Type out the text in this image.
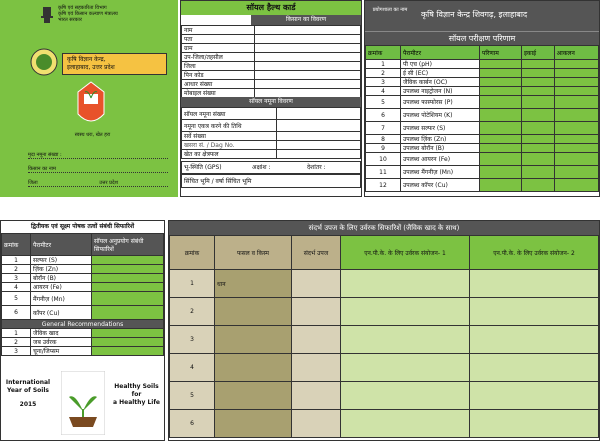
कृषि एवं सहकारिता विभाग
कृषि एवं किसान कल्याण मंत्रालय
भारत सरकार
कृषि विज्ञान केन्द्र,
इलाहाबाद, उत्तर प्रदेश
स्वस्थ धरा, खेत हरा
मृदा नमूना संख्या :
किसान का नाम
जिला	उत्तर प्रदेश
सॉयल हैल्थ कार्ड
किसान का विवरण
नाम	
पता	
ग्राम	
उप-जिला/तहसील	
जिला	
पिन कोड	
आधार संख्या	
मोबाइल संख्या	
सॉयल नमूना विवरण
सॉयल नमूना संख्या	
नमूना एकत्र करने की तिथि	
सर्वे संख्या	
खसरा सं. / Dag No.	
खेत का क्षेत्रफल	
भू-स्थिति (GPS)	अक्षांश :	देशांतर :
सिंचित भूमि / वर्षा सिंचित भूमि
प्रयोगशाला का नाम	कृषि विज्ञान केन्द्र शिवगढ़, इलाहाबाद
सॉयल परीक्षण परिणाम
क्रमांक	पैरामीटर	परिणाम	इकाई	आकलन
1	पी एच (pH)			
2	ई सी (EC)			
3	जैविक कार्बन (OC)			
4	उपलब्ध नाइट्रोजन (N)			
5	उपलब्ध फास्फोरस (P)			
6	उपलब्ध पोटेशियम (K)			
7	उपलब्ध सल्फर (S)			
8	उपलब्ध ज़िंक (Zn)			
9	उपलब्ध बोरॉन (B)			
10	उपलब्ध आयरन (Fe)			
11	उपलब्ध मैंगनीज़ (Mn)			
12	उपलब्ध कॉपर (Cu)			
द्वितीयक एवं सूक्ष्म पोषक तत्वों संबंधी सिफारिशें
क्रमांक	पैरामीटर	सॉयल अनुप्रयोग संबंधी सिफारिशें
1	सल्फर (S)	
2	ज़िंक (Zn)	
3	बोरॉन (B)	
4	आयरन (Fe)	
5	मैंगनीज़ (Mn)	
6	कॉपर (Cu)	
General Recommendations		
1	जैविक खाद	
2	जब उर्वरक	
3	चूना/जिप्सम	
International
Year of Soils
2015
Healthy Soils
for
a Healthy Life
संदर्भ उपज के लिए उर्वरक सिफारिशें (जैविक खाद के साथ)
क्रमांक	फसल व किस्म	संदर्भ उपज	एन.पी.के. के लिए उर्वरक संयोजन- 1	एन.पी.के. के लिए उर्वरक संयोजन- 2
1	धान			
2				
3				
4				
5				
6				
